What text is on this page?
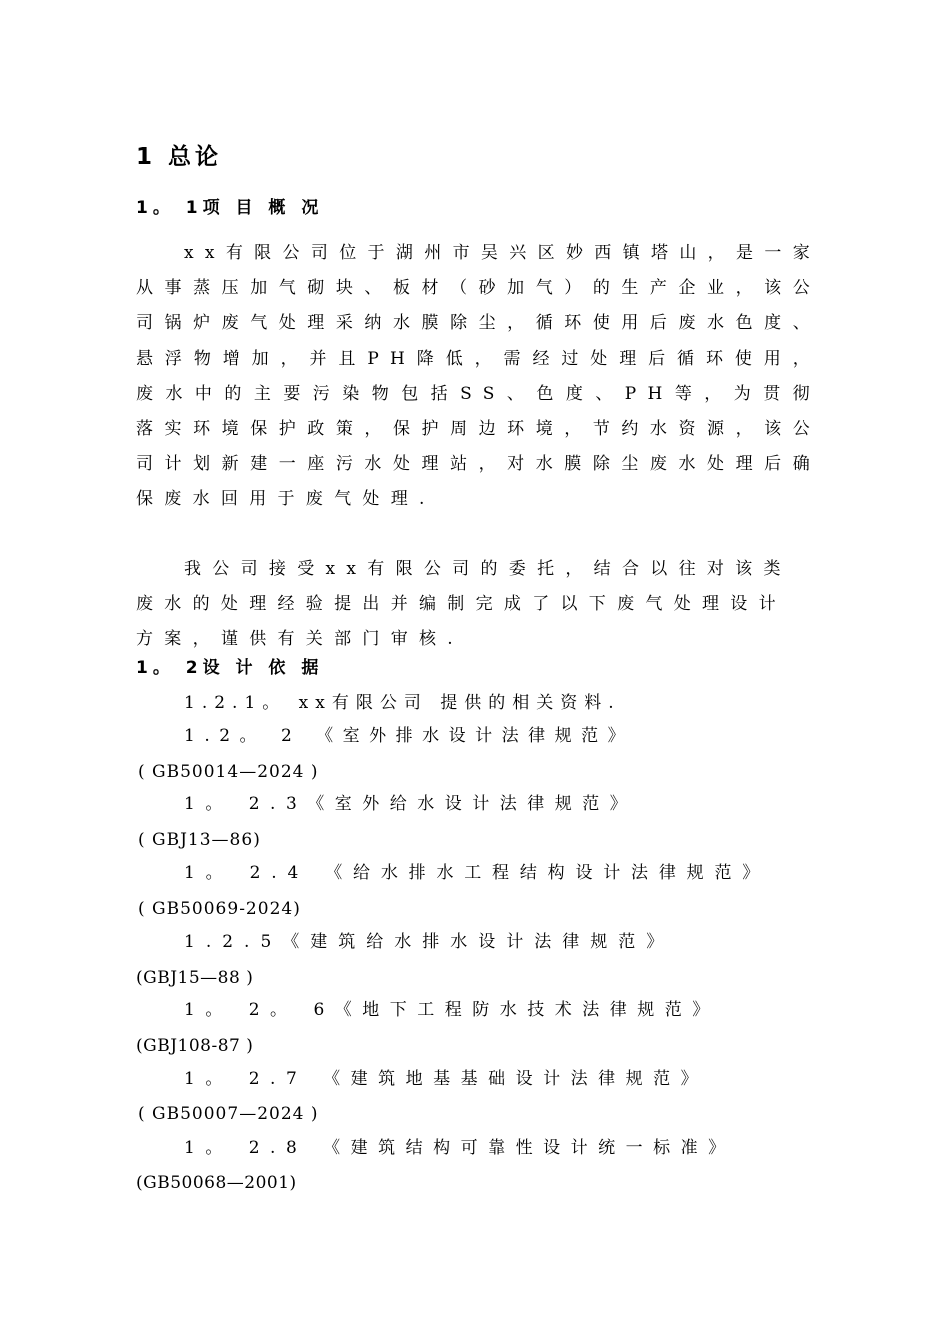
1 总论
1。 1项 目 概 况
xx有限公司位于湖州市吴兴区妙西镇塔山，是一家从事蒸压加气砌块、板材（砂加气）的生产企业，该公司锅炉废气处理采纳水膜除尘，循环使用后废水色度、悬浮物增加，并且PH降低，需经过处理后循环使用，废水中的主要污染物包括SS、色度、PH等，为贯彻落实环境保护政策，保护周边环境，节约水资源，该公司计划新建一座污水处理站，对水膜除尘废水处理后确保废水回用于废气处理.
我公司接受xx有限公司的委托，结合以往对该类废水的处理经验提出并编制完成了以下废气处理设计方案，谨供有关部门审核.
1。 2设 计 依 据
1.2.1。 xx有限公司 提供的相关资料.
1.2。 2 《室外排水设计法律规范》
( GB50014—2024 )
1。 2.3《室外给水设计法律规范》
( GBJ13—86)
1。 2.4 《给水排水工程结构设计法律规范》
( GB50069-2024)
1.2.5《建筑给水排水设计法律规范》
(GBJ15—88 )
1。 2。 6《地下工程防水技术法律规范》
(GBJ108-87 )
1。 2.7 《建筑地基基础设计法律规范》
( GB50007—2024 )
1。 2.8 《建筑结构可靠性设计统一标准》
(GB50068—2001)
